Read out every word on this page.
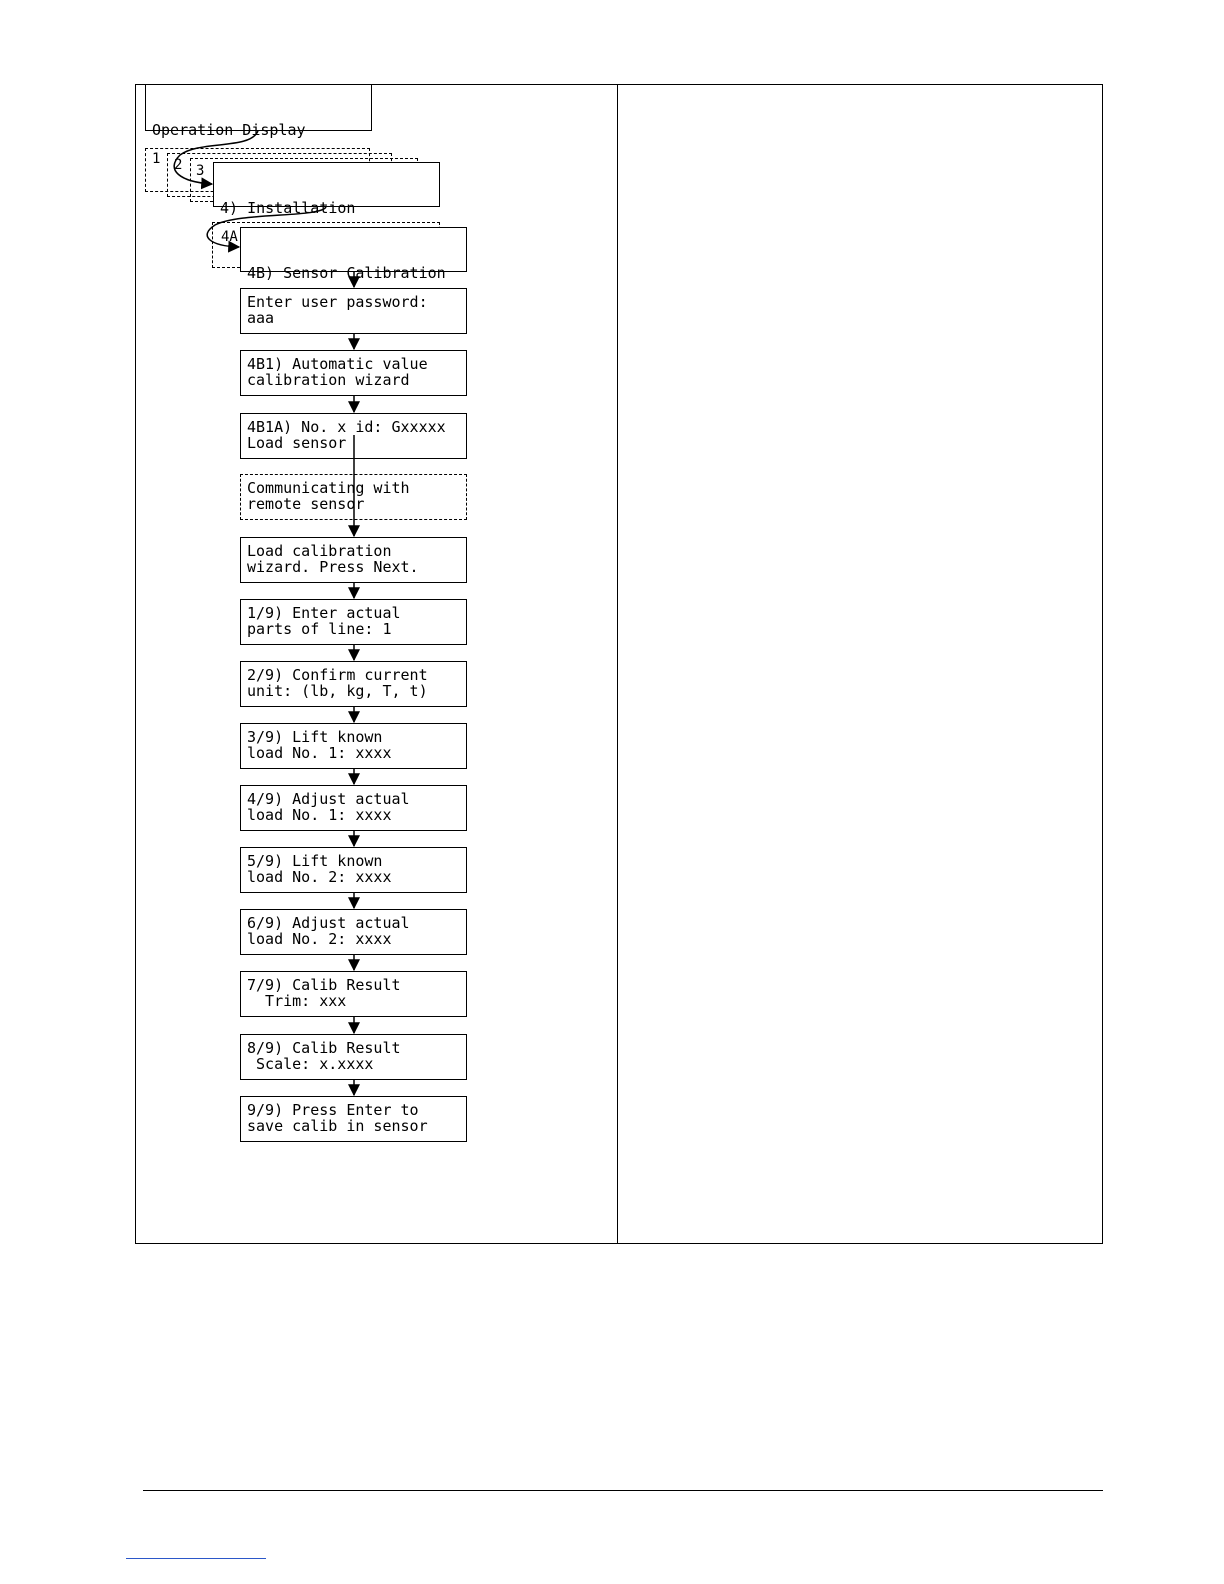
1 2 3
4A

Operation Display

4) Installation

4B) Sensor Calibration

Enter user password:
aaa
4B1) Automatic value
calibration wizard
4B1A) No. x id: Gxxxxx
Load sensor
Communicating with
remote sensor
Load calibration
wizard. Press Next.
1/9) Enter actual
parts of line: 1
2/9) Confirm current
unit: (lb, kg, T, t)
3/9) Lift known
load No. 1: xxxx
4/9) Adjust actual
load No. 1: xxxx
5/9) Lift known
load No. 2: xxxx
6/9) Adjust actual
load No. 2: xxxx
7/9) Calib Result
Trim: xxx
8/9) Calib Result
Scale: x.xxxx
9/9) Press Enter to
save calib in sensor
